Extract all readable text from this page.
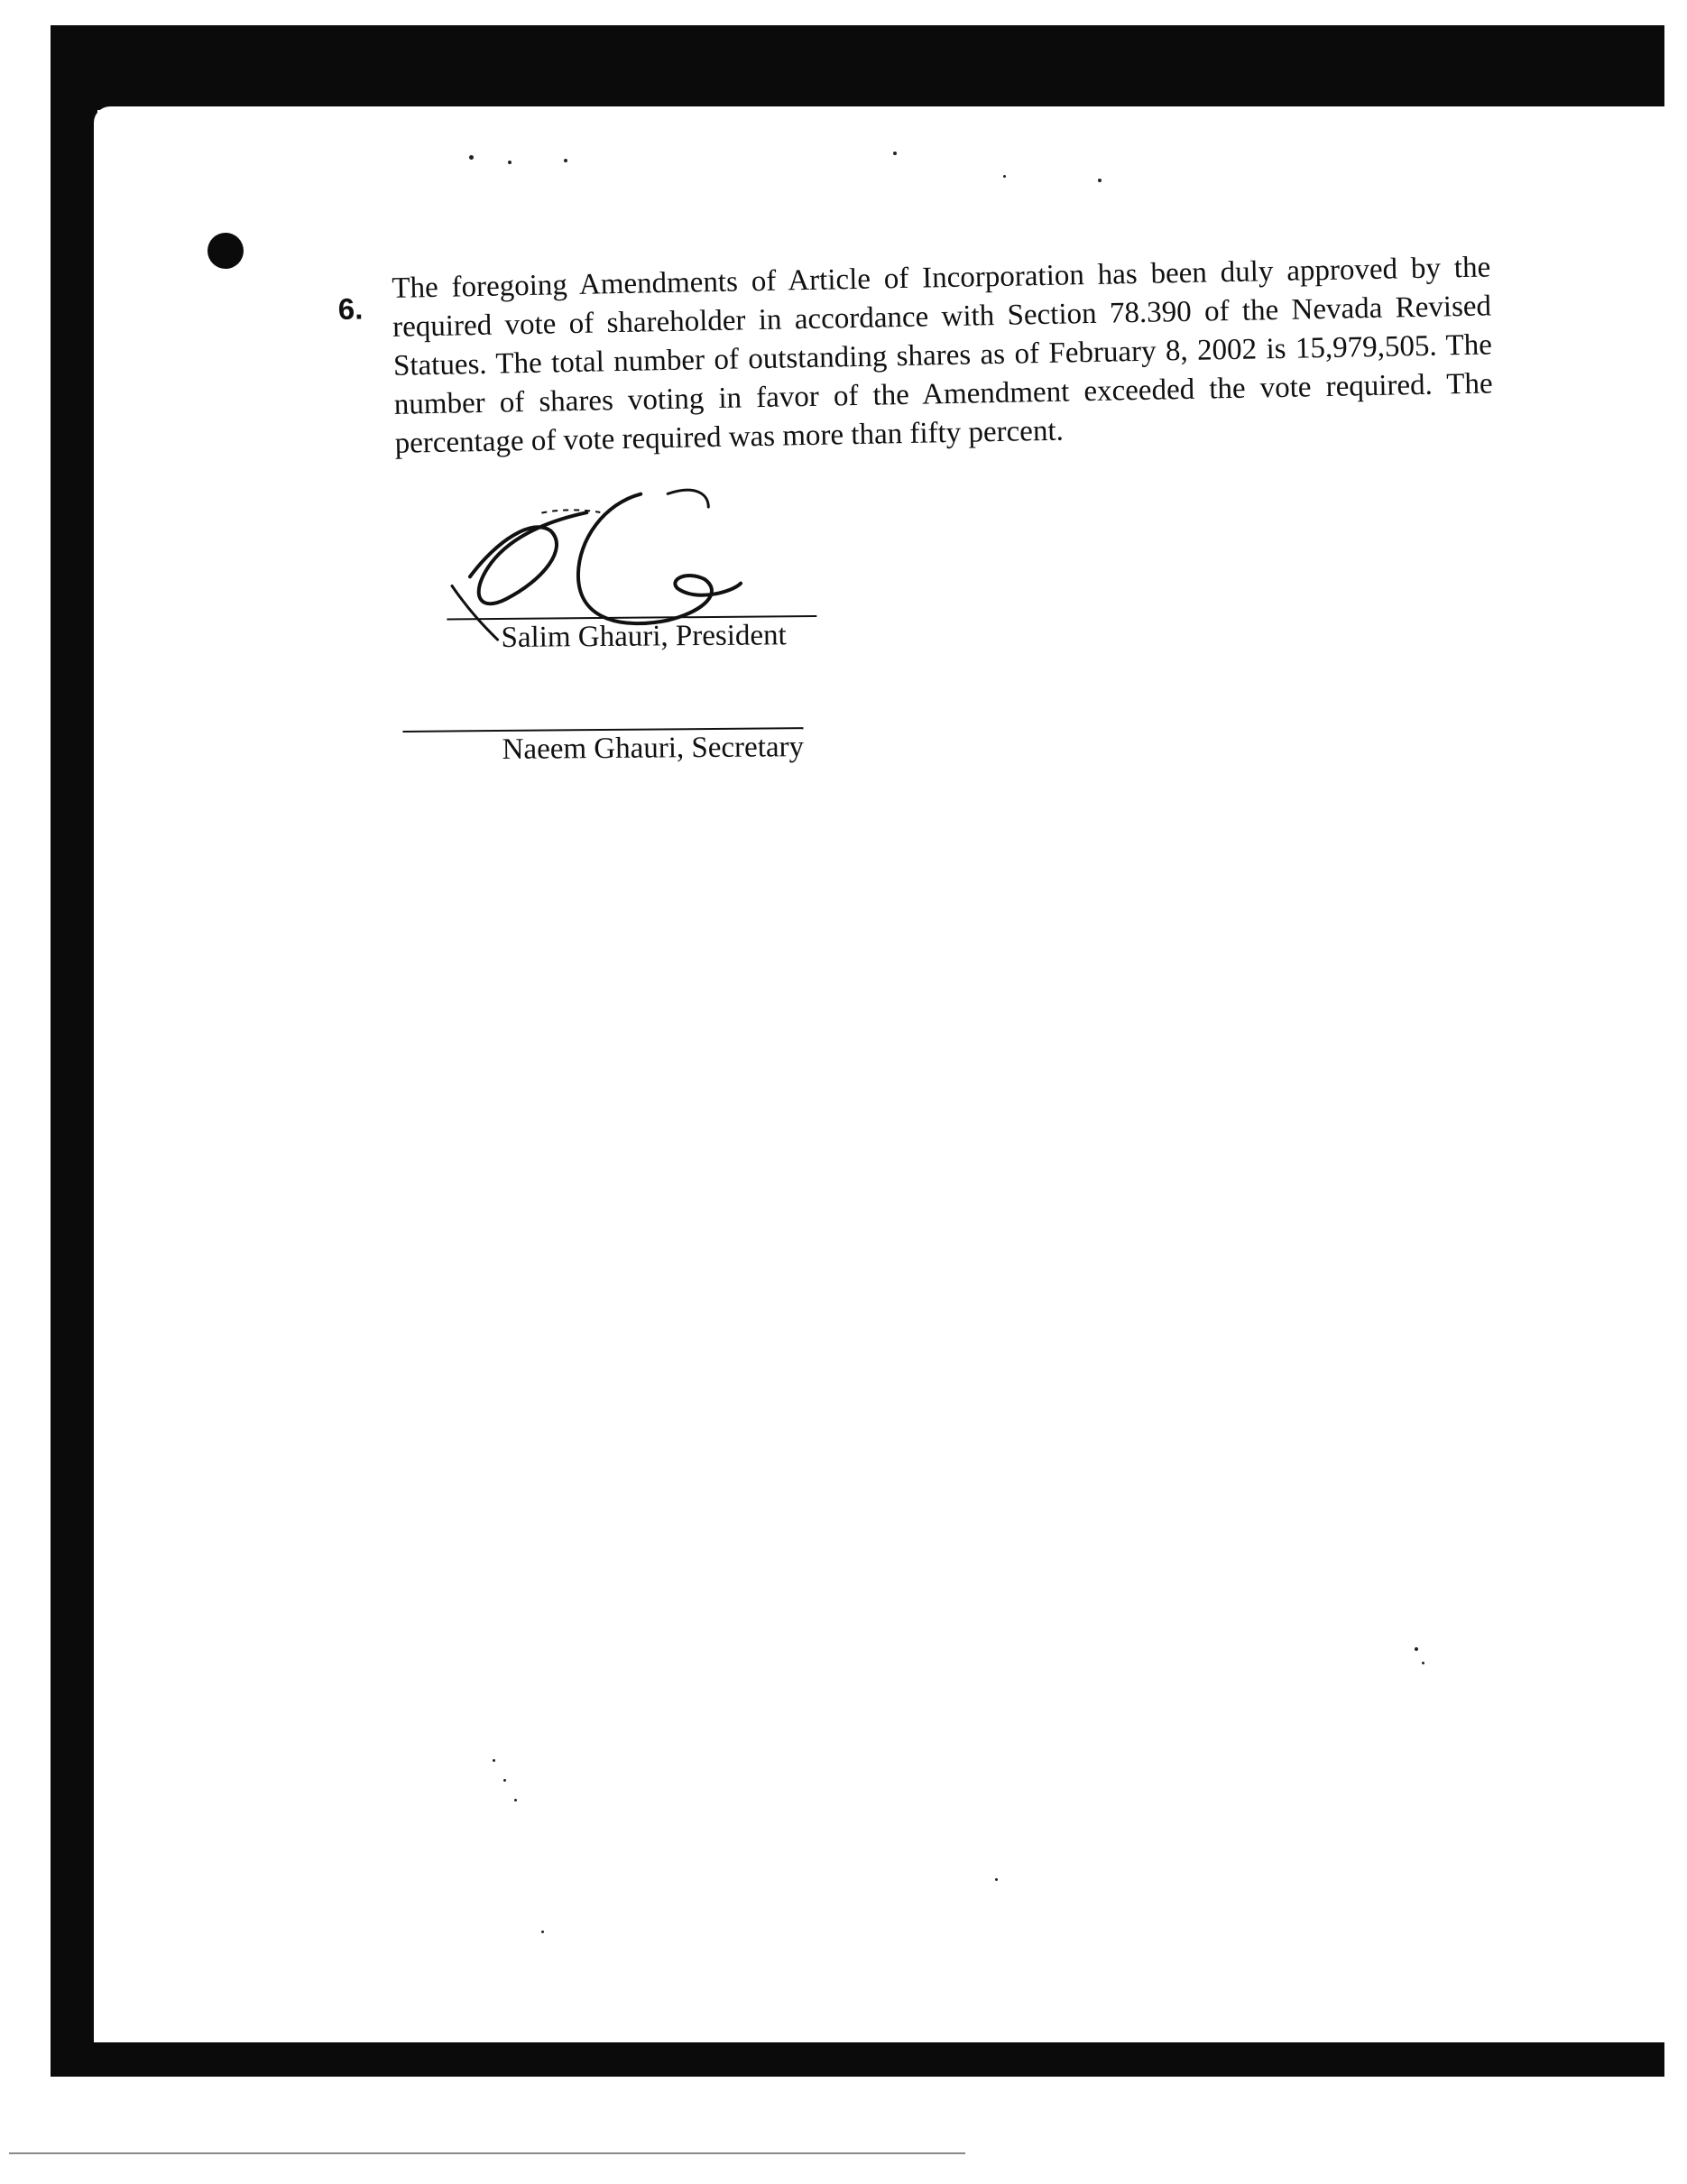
6.

The foregoing Amendments of Article of Incorporation has been duly approved by the required vote of shareholder in accordance with Section 78.390 of the Nevada Revised Statues. The total number of outstanding shares as of February 8, 2002 is 15,979,505. The number of shares voting in favor of the Amendment exceeded the vote required. The percentage of vote required was more than fifty percent.

Salim Ghauri, President
Naeem Ghauri, Secretary
